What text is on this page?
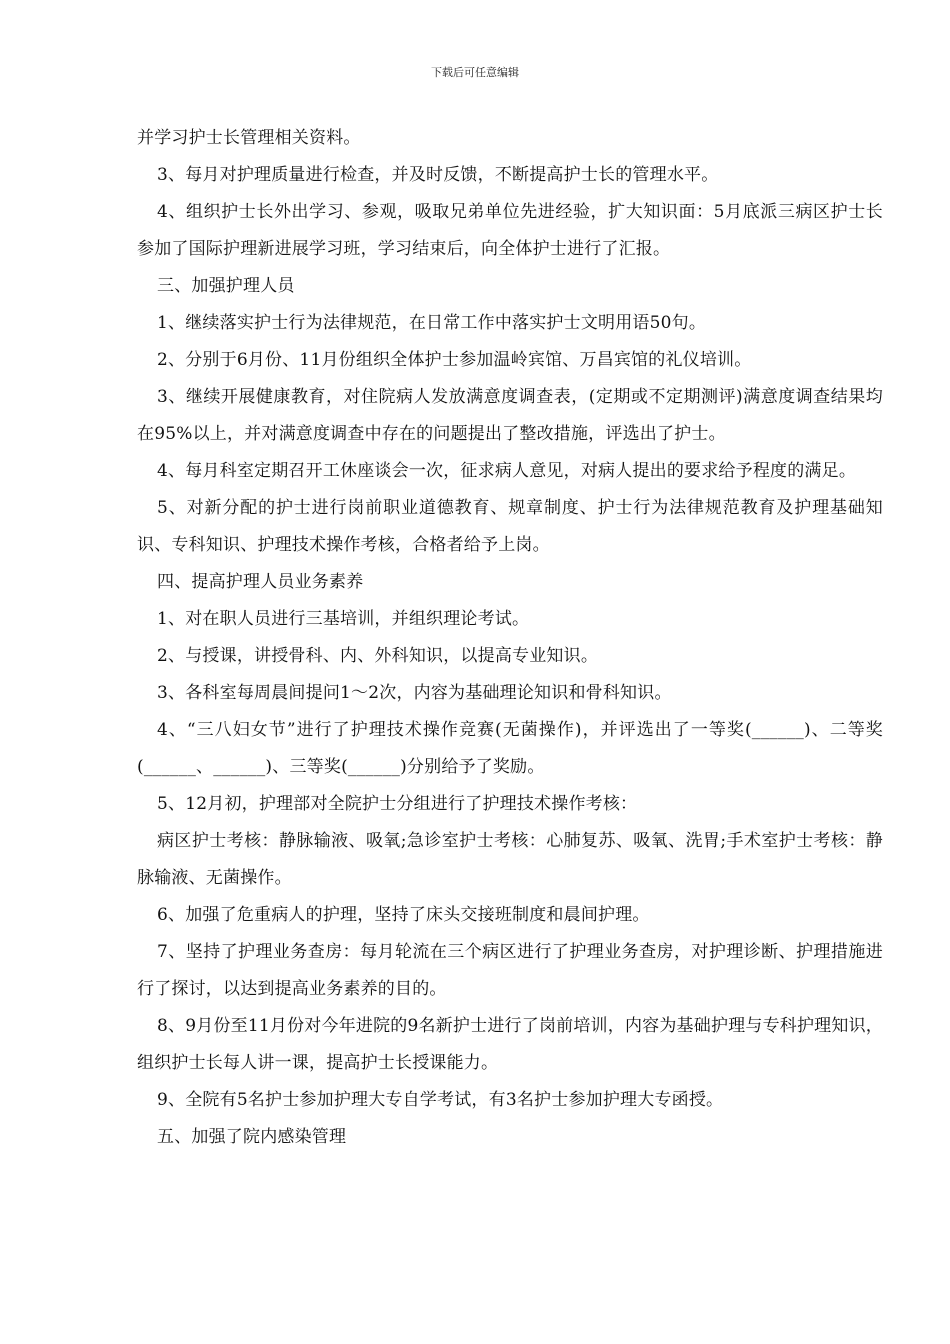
下载后可任意编辑

并学习护士长管理相关资料。

3、每月对护理质量进行检查，并及时反馈，不断提高护士长的管理水平。

4、组织护士长外出学习、参观，吸取兄弟单位先进经验，扩大知识面：5月底派三病区护士长参加了国际护理新进展学习班，学习结束后，向全体护士进行了汇报。

三、加强护理人员

1、继续落实护士行为法律规范，在日常工作中落实护士文明用语50句。

2、分别于6月份、11月份组织全体护士参加温岭宾馆、万昌宾馆的礼仪培训。

3、继续开展健康教育，对住院病人发放满意度调查表，(定期或不定期测评)满意度调查结果均在95%以上，并对满意度调查中存在的问题提出了整改措施，评选出了护士。

4、每月科室定期召开工休座谈会一次，征求病人意见，对病人提出的要求给予程度的满足。

5、对新分配的护士进行岗前职业道德教育、规章制度、护士行为法律规范教育及护理基础知识、专科知识、护理技术操作考核，合格者给予上岗。

四、提高护理人员业务素养

1、对在职人员进行三基培训，并组织理论考试。

2、与授课，讲授骨科、内、外科知识，以提高专业知识。

3、各科室每周晨间提问1～2次，内容为基础理论知识和骨科知识。

4、“三八妇女节”进行了护理技术操作竞赛(无菌操作)，并评选出了一等奖(______)、二等奖(______、______)、三等奖(______)分别给予了奖励。

5、12月初，护理部对全院护士分组进行了护理技术操作考核：

病区护士考核：静脉输液、吸氧;急诊室护士考核：心肺复苏、吸氧、洗胃;手术室护士考核：静脉输液、无菌操作。

6、加强了危重病人的护理，坚持了床头交接班制度和晨间护理。

7、坚持了护理业务查房：每月轮流在三个病区进行了护理业务查房，对护理诊断、护理措施进行了探讨，以达到提高业务素养的目的。

8、9月份至11月份对今年进院的9名新护士进行了岗前培训，内容为基础护理与专科护理知识，组织护士长每人讲一课，提高护士长授课能力。

9、全院有5名护士参加护理大专自学考试，有3名护士参加护理大专函授。

五、加强了院内感染管理
